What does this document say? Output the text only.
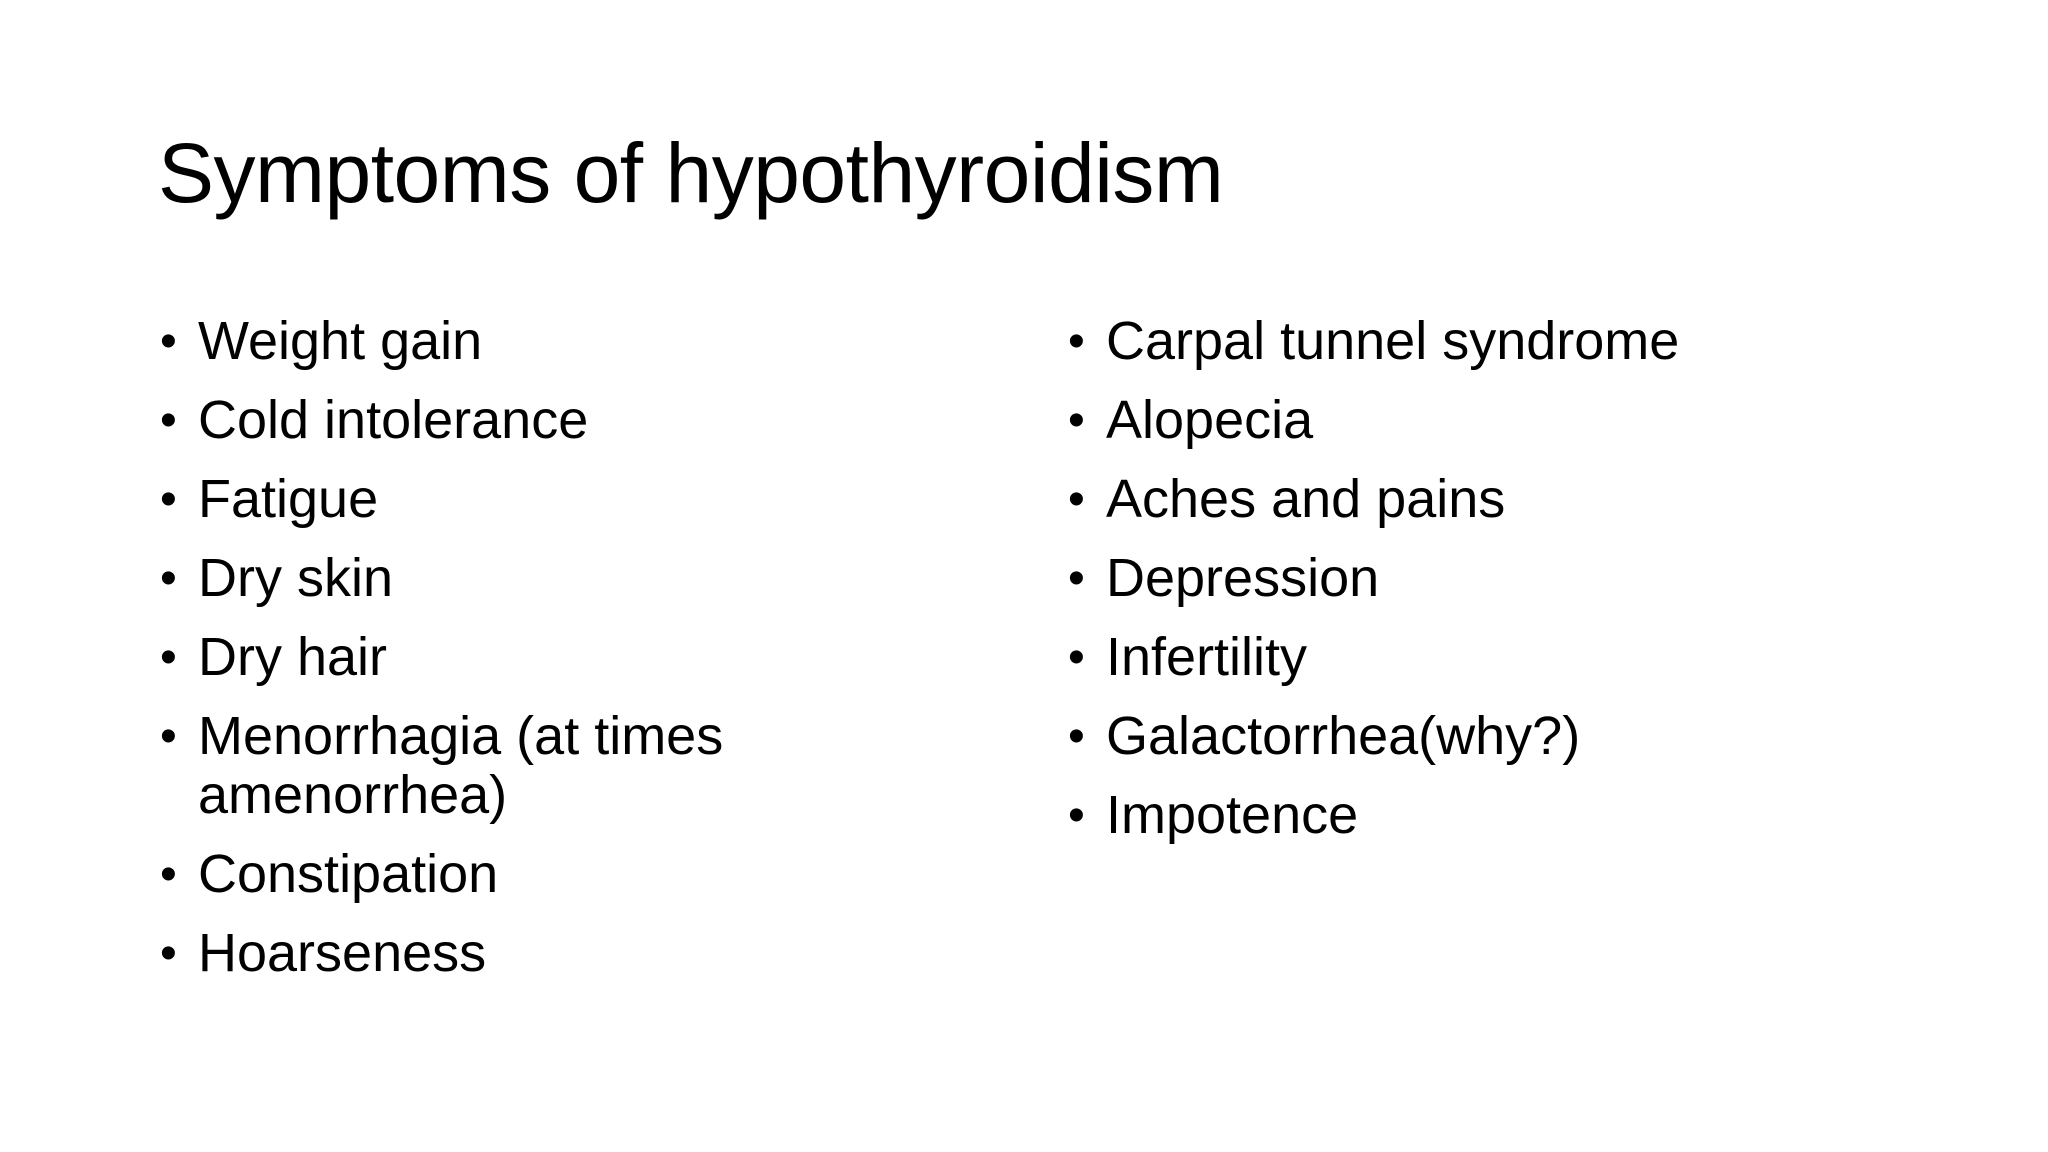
Symptoms of hypothyroidism
• Weight gain
• Cold intolerance
• Fatigue
• Dry skin
• Dry hair
• Menorrhagia (at times amenorrhea)
• Constipation
• Hoarseness
• Carpal tunnel syndrome
• Alopecia
• Aches and pains
• Depression
• Infertility
• Galactorrhea(why?)
• Impotence
